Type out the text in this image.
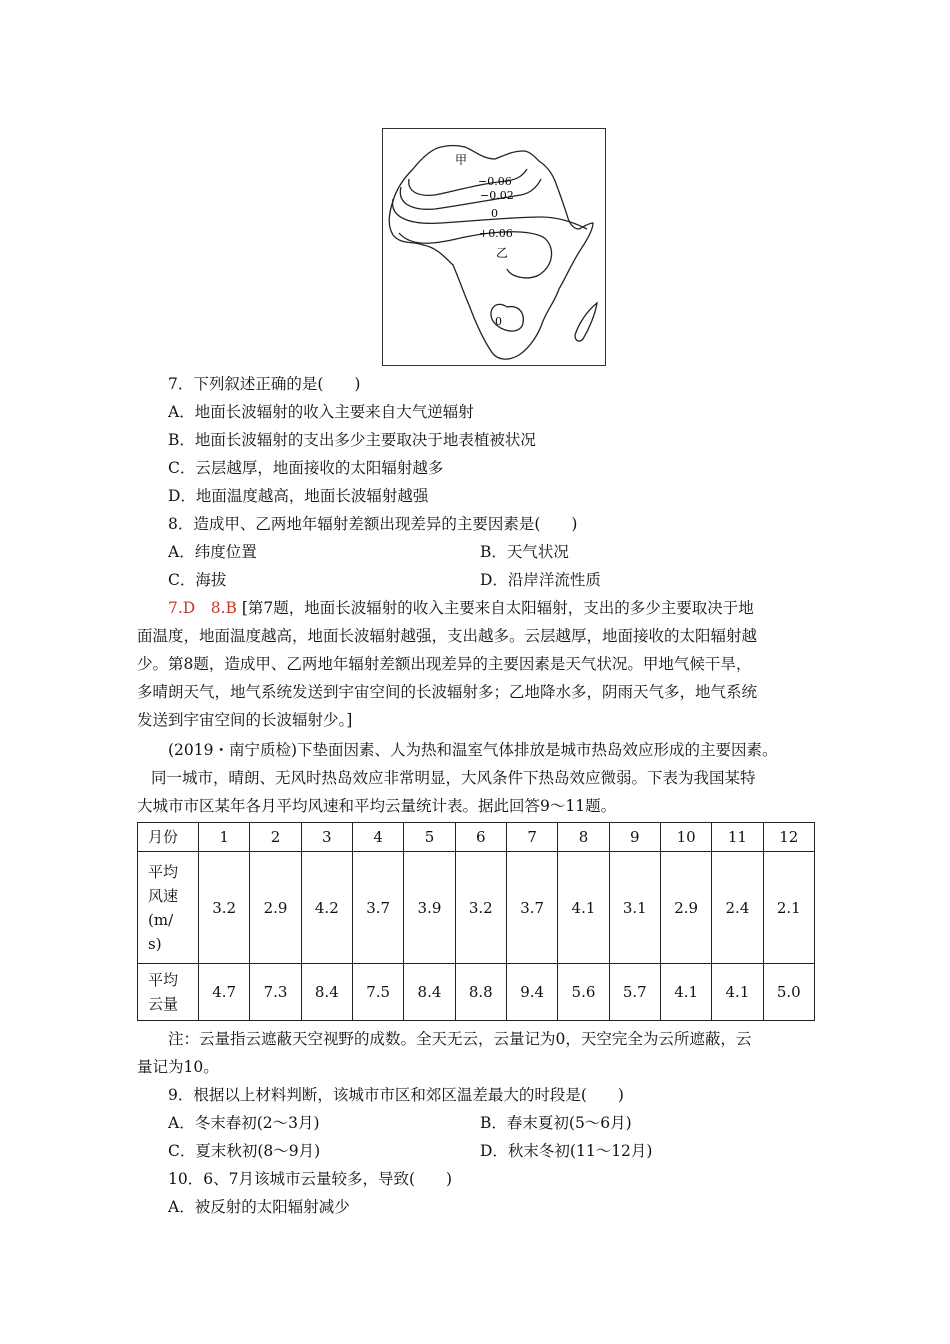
甲
−0.06
−0.02
0
+0.06
乙
0
7．下列叙述正确的是(　　)
A．地面长波辐射的收入主要来自大气逆辐射
B．地面长波辐射的支出多少主要取决于地表植被状况
C．云层越厚，地面接收的太阳辐射越多
D．地面温度越高，地面长波辐射越强
8．造成甲、乙两地年辐射差额出现差异的主要因素是(　　)
A．纬度位置	B．天气状况
C．海拔	D．沿岸洋流性质
7.D　8.B [第7题，地面长波辐射的收入主要来自太阳辐射，支出的多少主要取决于地
面温度，地面温度越高，地面长波辐射越强，支出越多。云层越厚，地面接收的太阳辐射越
少。第8题，造成甲、乙两地年辐射差额出现差异的主要因素是天气状况。甲地气候干旱，
多晴朗天气，地气系统发送到宇宙空间的长波辐射多；乙地降水多，阴雨天气多，地气系统
发送到宇宙空间的长波辐射少。]
(2019・南宁质检)下垫面因素、人为热和温室气体排放是城市热岛效应形成的主要因素。
同一城市，晴朗、无风时热岛效应非常明显，大风条件下热岛效应微弱。下表为我国某特
大城市市区某年各月平均风速和平均云量统计表。据此回答9～11题。
月份	1	2	3	4	5	6	7	8	9	10	11	12

平均
风速
(m/
s)	3.2	2.9	4.2	3.7	3.9	3.2	3.7	4.1	3.1	2.9	2.4	2.1

平均
云量	4.7	7.3	8.4	7.5	8.4	8.8	9.4	5.6	5.7	4.1	4.1	5.0
注：云量指云遮蔽天空视野的成数。全天无云，云量记为0，天空完全为云所遮蔽，云
量记为10。
9．根据以上材料判断，该城市市区和郊区温差最大的时段是(　　)
A．冬末春初(2～3月)	B．春末夏初(5～6月)
C．夏末秋初(8～9月)	D．秋末冬初(11～12月)
10．6、7月该城市云量较多，导致(　　)
A．被反射的太阳辐射减少
